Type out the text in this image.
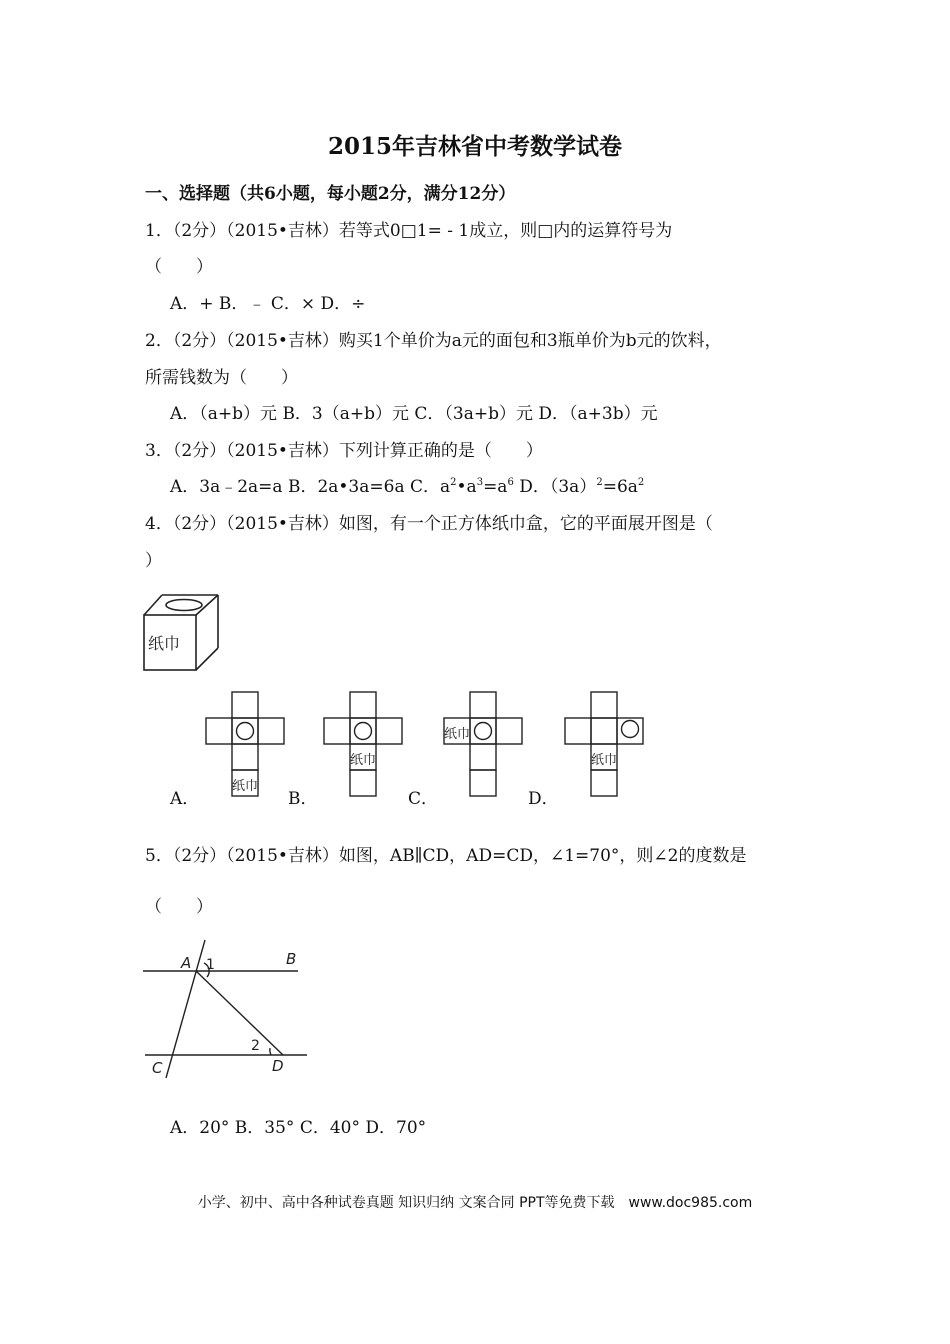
2015年吉林省中考数学试卷
一、选择题（共6小题，每小题2分，满分12分）
1．（2分）（2015•吉林）若等式0□1= - 1成立，则□内的运算符号为
（　　）
A．+ B．﹣ C．× D．÷
2．（2分）（2015•吉林）购买1个单价为a元的面包和3瓶单价为b元的饮料，
所需钱数为（　　）
A．（a+b）元 B．3（a+b）元 C．（3a+b）元 D．（a+3b）元
3．（2分）（2015•吉林）下列计算正确的是（　　）
A．3a﹣2a=a B．2a•3a=6a C．$a^2•a^3=a^6$ D．$(3a)^2=6a^2$
4．（2分）（2015•吉林）如图，有一个正方体纸巾盒，它的平面展开图是（
）
纸巾
纸巾
A．
纸巾
B．
纸巾
C．
纸巾
D．
5．（2分）（2015•吉林）如图，AB∥CD，AD=CD，∠1=70°，则∠2的度数是
（　　）
A	B
C	D
1
2
A．20° B．35° C．40° D．70°
小学、初中、高中各种试卷真题 知识归纳 文案合同 PPT等免费下载　www.doc985.com
